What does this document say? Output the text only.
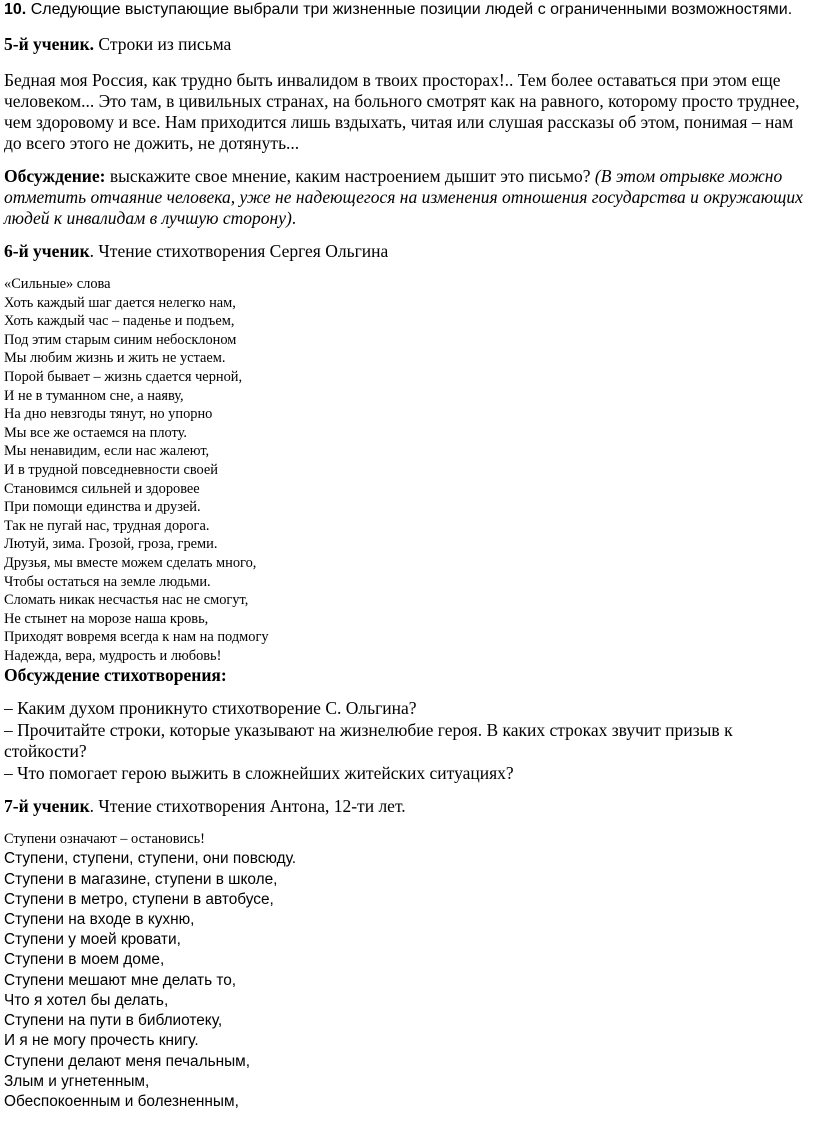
10. Следующие выступающие выбрали три жизненные позиции людей с ограниченными возможностями.

5-й ученик. Строки из письма

Бедная моя Россия, как трудно быть инвалидом в твоих просторах!.. Тем более оставаться при этом еще человеком... Это там, в цивильных странах, на больного смотрят как на равного, которому просто труднее, чем здоровому и все. Нам приходится лишь вздыхать, читая или слушая рассказы об этом, понимая – нам до всего этого не дожить, не дотянуть...

Обсуждение: выскажите свое мнение, каким настроением дышит это письмо? (В этом отрывке можно отметить отчаяние человека, уже не надеющегося на изменения отношения государства и окружающих людей к инвалидам в лучшую сторону).

6-й ученик. Чтение стихотворения Сергея Ольгина

«Сильные» слова
Хоть каждый шаг дается нелегко нам,
Хоть каждый час – паденье и подъем,
Под этим старым синим небосклоном
Мы любим жизнь и жить не устаем.
Порой бывает – жизнь сдается черной,
И не в туманном сне, а наяву,
На дно невзгоды тянут, но упорно
Мы все же остаемся на плоту.
Мы ненавидим, если нас жалеют,
И в трудной повседневности своей
Становимся сильней и здоровее
При помощи единства и друзей.
Так не пугай нас, трудная дорога.
Лютуй, зима. Грозой, гроза, греми.
Друзья, мы вместе можем сделать много,
Чтобы остаться на земле людьми.
Сломать никак несчастья нас не смогут,
Не стынет на морозе наша кровь,
Приходят вовремя всегда к нам на подмогу
Надежда, вера, мудрость и любовь!

Обсуждение стихотворения:

– Каким духом проникнуто стихотворение С. Ольгина?

– Прочитайте строки, которые указывают на жизнелюбие героя. В каких строках звучит призыв к стойкости?

– Что помогает герою выжить в сложнейших житейских ситуациях?

7-й ученик. Чтение стихотворения Антона, 12-ти лет.

Ступени означают – остановись!
Ступени, ступени, ступени, они повсюду.
Ступени в магазине, ступени в школе,
Ступени в метро, ступени в автобусе,
Ступени на входе в кухню,
Ступени у моей кровати,
Ступени в моем доме,
Ступени мешают мне делать то,
Что я хотел бы делать,
Ступени на пути в библиотеку,
И я не могу прочесть книгу.
Ступени делают меня печальным,
Злым и угнетенным,
Обеспокоенным и болезненным,
